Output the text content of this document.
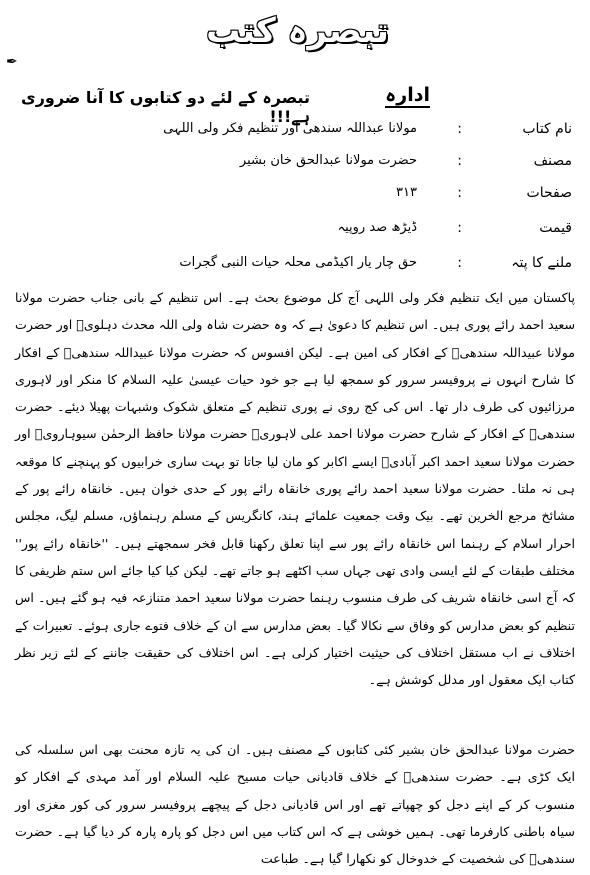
تبصرہ کتب
✒
تبصرہ کے لئے دو کتابوں کا آنا ضروری ہے!!!
ادارہ
نام کتاب
:
مولانا عبداللہ سندھی اور تنظیم فکر ولی اللہی
مصنف
:
حضرت مولانا عبدالحق خان بشیر
صفحات
:
۳۱۳
قیمت
:
ڈیڑھ صد روپیہ
ملنے کا پتہ
:
حق چار یار اکیڈمی محلہ حیات النبی گجرات
پاکستان میں ایک تنظیم فکر ولی اللہی آج کل موضوع بحث ہے۔ اس تنظیم کے بانی جناب حضرت مولانا سعید احمد رائے پوری ہیں۔ اس تنظیم کا دعویٰ ہے کہ وہ حضرت شاہ ولی اللہ محدث دہلویؒ اور حضرت مولانا عبیداللہ سندھیؒ کے افکار کی امین ہے۔ لیکن افسوس کہ حضرت مولانا عبیداللہ سندھیؒ کے افکار کا شارح انہوں نے پروفیسر سرور کو سمجھ لیا ہے جو خود حیات عیسیٰ علیہ السلام کا منکر اور لاہوری مرزائیوں کی طرف دار تھا۔ اس کی کج روی نے پوری تنظیم کے متعلق شکوک وشبہات پھیلا دیئے۔ حضرت سندھیؒ کے افکار کے شارح حضرت مولانا احمد علی لاہوریؒ حضرت مولانا حافظ الرحمٰن سیوہارویؒ اور حضرت مولانا سعید احمد اکبر آبادیؒ ایسے اکابر کو مان لیا جاتا تو بہت ساری خرابیوں کو پہنچنے کا موقعہ ہی نہ ملتا۔ حضرت مولانا سعید احمد رائے پوری خانقاہ رائے پور کے حدی خوان ہیں۔ خانقاہ رائے پور کے مشائخ مرجع الخرین تھے۔ بیک وقت جمعیت علمائے ہند، کانگریس کے مسلم رہنماؤں، مسلم لیگ، مجلس احرار اسلام کے رہنما اس خانقاہ رائے پور سے اپنا تعلق رکھنا قابل فخر سمجھتے ہیں۔ ''خانقاہ رائے پور'' مختلف طبقات کے لئے ایسی وادی تھی جہاں سب اکٹھے ہو جاتے تھے۔ لیکن کیا کیا جائے اس ستم ظریفی کا کہ آج اسی خانقاہ شریف کی طرف منسوب رہنما حضرت مولانا سعید احمد متنازعہ فیہ ہو گئے ہیں۔ اس تنظیم کو بعض مدارس کو وفاق سے نکالا گیا۔ بعض مدارس سے ان کے خلاف فتوے جاری ہوئے۔ تعبیرات کے اختلاف نے اب مستقل اختلاف کی حیثیت اختیار کرلی ہے۔ اس اختلاف کی حقیقت جاننے کے لئے زیر نظر کتاب ایک معقول اور مدلل کوشش ہے۔
حضرت مولانا عبدالحق خان بشیر کئی کتابوں کے مصنف ہیں۔ ان کی یہ تازہ محنت بھی اس سلسلہ کی ایک کڑی ہے۔ حضرت سندھیؒ کے خلاف قادیانی حیات مسیح علیہ السلام اور آمد مہدی کے افکار کو منسوب کر کے اپنے دجل کو چھپاتے تھے اور اس قادیانی دجل کے پیچھے پروفیسر سرور کی کور مغزی اور سیاہ باطنی کارفرما تھی۔ ہمیں خوشی ہے کہ اس کتاب میں اس دجل کو پارہ پارہ کر دیا گیا ہے۔ حضرت سندھیؒ کی شخصیت کے خدوخال کو نکھارا گیا ہے۔ طباعت
